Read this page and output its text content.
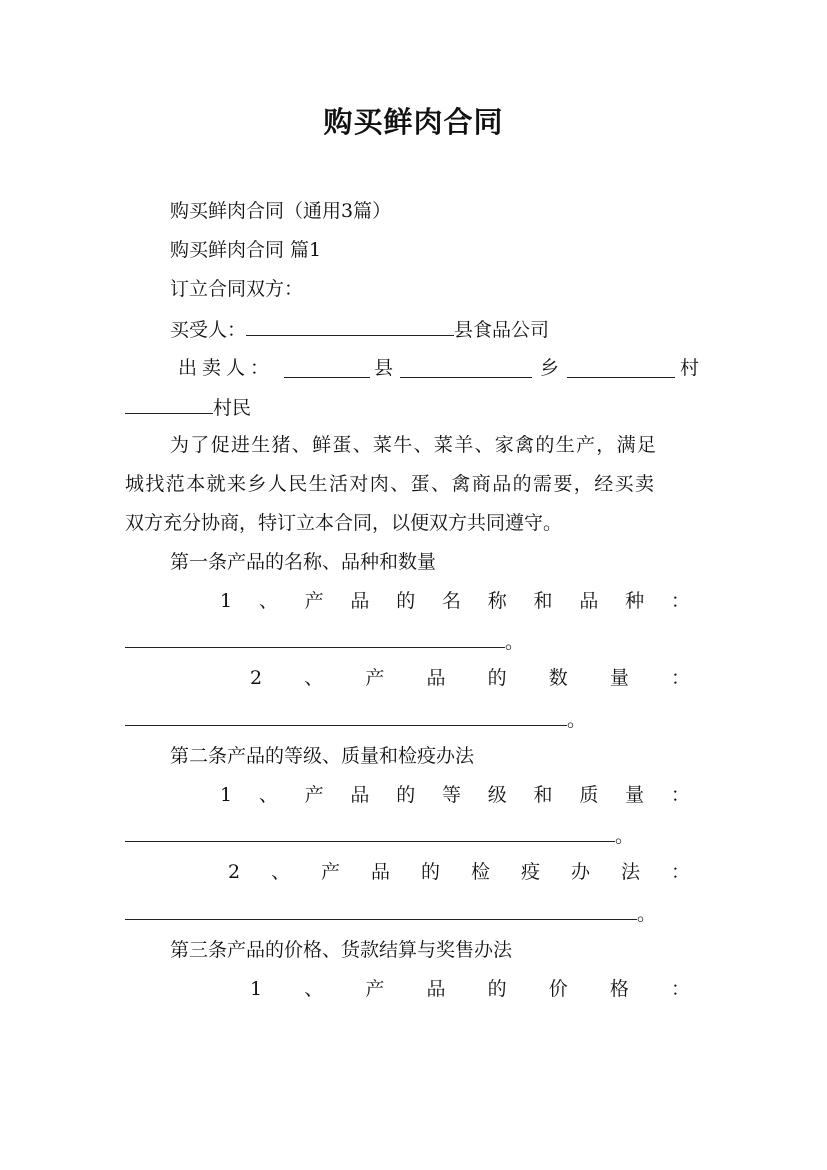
购买鲜肉合同
购买鲜肉合同（通用3篇）
购买鲜肉合同 篇1
订立合同双方：
买受人：	县食品公司
出卖人：	县	乡	村
村民
为了促进生猪、鲜蛋、菜牛、菜羊、家禽的生产，满足
城找范本就来乡人民生活对肉、蛋、禽商品的需要，经买卖
双方充分协商，特订立本合同，以便双方共同遵守。
第一条产品的名称、品种和数量
1 、 产 品 的 名 称 和 品 种 ：
。
2 、 产 品 的 数 量 ：
。
第二条产品的等级、质量和检疫办法
1 、 产 品 的 等 级 和 质 量 ：
。
2 、 产 品 的 检 疫 办 法 ：
。
第三条产品的价格、货款结算与奖售办法
1 、 产 品 的 价 格 ：
